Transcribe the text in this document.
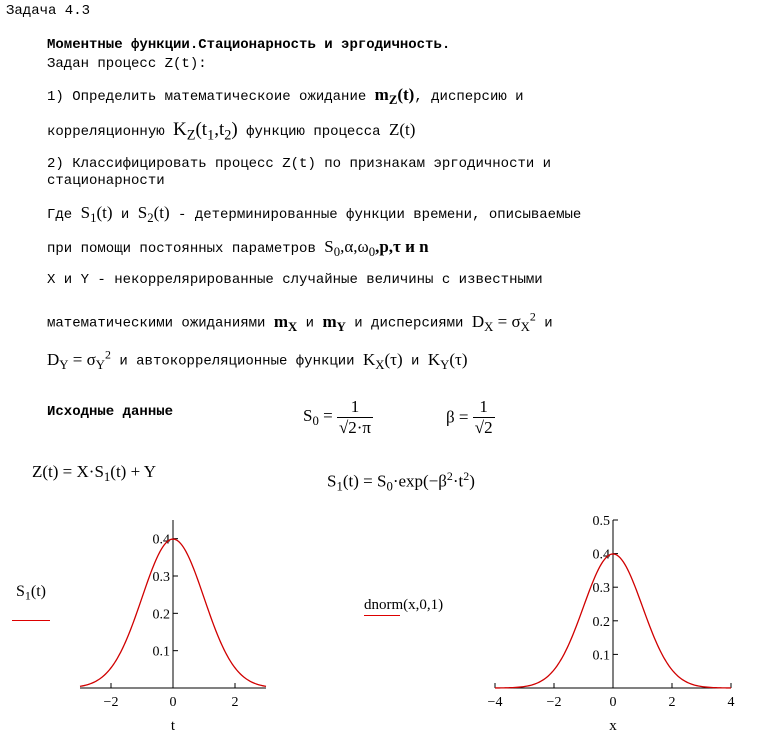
Задача 4.3
Моментные функции.Стационарность и эргодичность.
Задан процесс Z(t):
1) Определить математическоие ожидание $m_Z(t)$, дисперсию и
корреляционную $K_Z(t_1,t_2)$ функцию процесса Z(t)
2) Классифицировать процесс Z(t) по признакам эргодичности и
стационарности
Где $S_1(t)$ и $S_2(t)$ - детерминированные функции времени, описываемые
при помощи постоянных параметров $S_0,\alpha,\omega_0,p,\tau$ и n
X и Y - некоррелярированные случайные величины с известными
математическими ожиданиями $m_X$ и $m_Y$ и дисперсиями $D_X = \sigma_X^2$ и
$D_Y = \sigma_Y^2$ и автокорреляционные функции $K_X(\tau)$ и $K_Y(\tau)$
Исходные данные	$S_0 = \frac{1}{√2\cdot\pi}$	$\beta = \frac{1}{√2}$
$Z(t) = X\cdot S_1(t) + Y$
$S_1(t) = S_0\cdot\exp(-\beta^2\cdot t^2)$
$S_1(t)$
−2	0	2
0.1
0.2
0.3
0.4
t
dnorm(x,0,1)
−4	−2	0	2	4
0.1
0.2
0.3
0.4
0.5
x
